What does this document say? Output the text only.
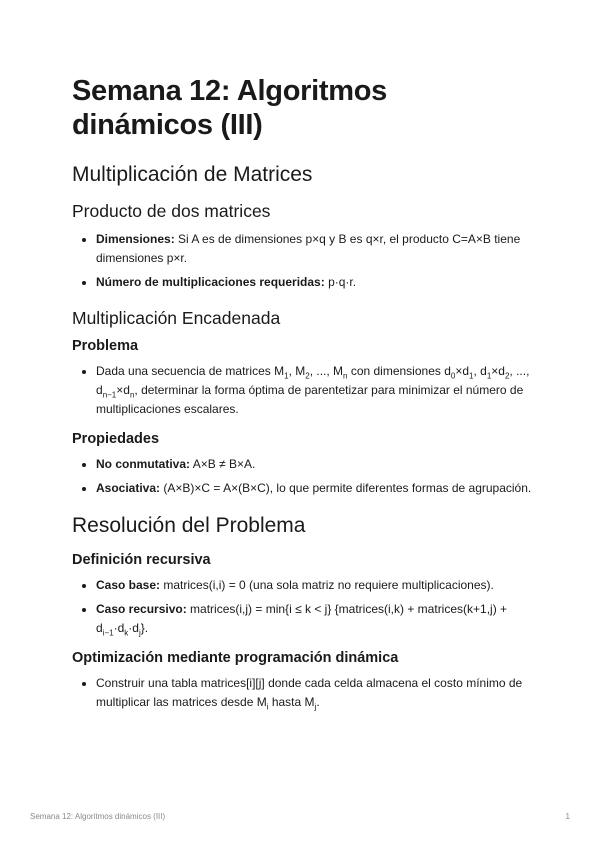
Semana 12: Algoritmos dinámicos (III)
Multiplicación de Matrices
Producto de dos matrices
• Dimensiones: Si A es de dimensiones p×q y B es q×r, el producto C=A×B tiene dimensiones p×r.
• Número de multiplicaciones requeridas: p·q·r.
Multiplicación Encadenada
Problema
• Dada una secuencia de matrices $M_1$, $M_2$, ..., $M_n$ con dimensiones $d_0\times d_1$, $d_1\times d_2$, ..., $d_{n-1}\times d_n$, determinar la forma óptima de parentetizar para minimizar el número de multiplicaciones escalares.
Propiedades
• No conmutativa: A×B ≠ B×A.
• Asociativa: (A×B)×C = A×(B×C), lo que permite diferentes formas de agrupación.
Resolución del Problema
Definición recursiva
• Caso base: matrices(i,i) = 0 (una sola matriz no requiere multiplicaciones).
• Caso recursivo: matrices(i,j) = min{i ≤ k < j} {matrices(i,k) + matrices(k+1,j) + $d_{i-1}\cdot d_k\cdot d_j$}.
Optimización mediante programación dinámica
• Construir una tabla matrices[i][j] donde cada celda almacena el costo mínimo de multiplicar las matrices desde $M_i$ hasta $M_j$.
Semana 12: Algoritmos dinámicos (III)	1
